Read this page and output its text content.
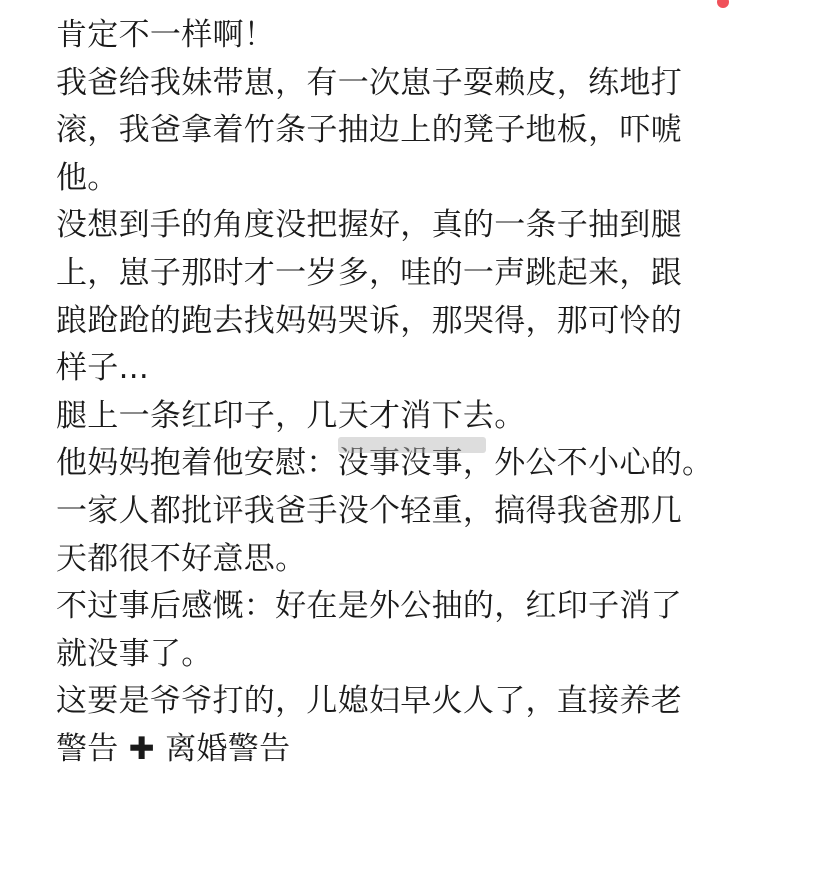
肯定不一样啊！
我爸给我妹带崽，有一次崽子耍赖皮，练地打
滚，我爸拿着竹条子抽边上的凳子地板，吓唬
他。
没想到手的角度没把握好，真的一条子抽到腿
上，崽子那时才一岁多，哇的一声跳起来，跟
踉跄跄的跑去找妈妈哭诉，那哭得，那可怜的
样子...
腿上一条红印子，几天才消下去。
他妈妈抱着他安慰：没事没事，外公不小心的。
一家人都批评我爸手没个轻重，搞得我爸那几
天都很不好意思。
不过事后感慨：好在是外公抽的，红印子消了
就没事了。
这要是爷爷打的，儿媳妇早火人了，直接养老
警告 ✚ 离婚警告
